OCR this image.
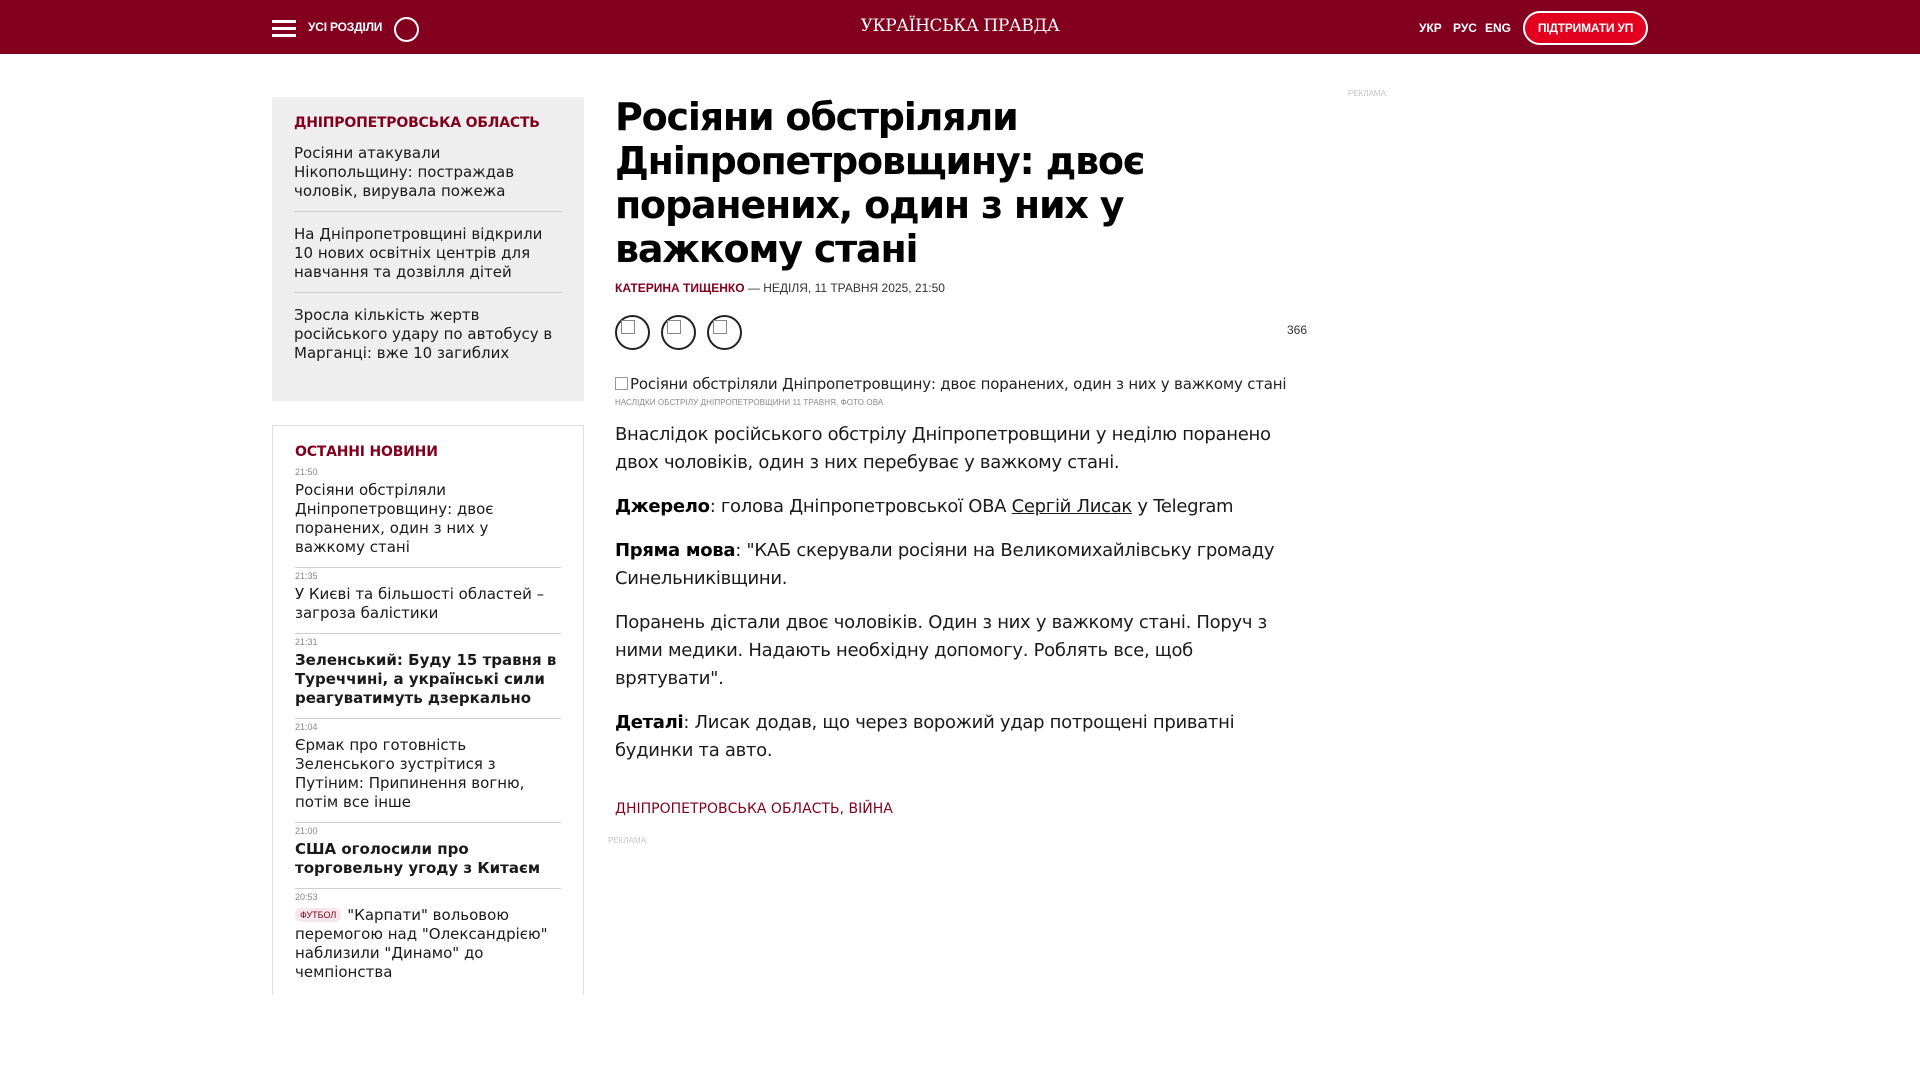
УСІ РОЗДІЛИ	УКРАЇНСЬКА ПРАВДА	УКР РУС ENG	ПІДТРИМАТИ УП
ДНІПРОПЕТРОВСЬКА ОБЛАСТЬ
Росіяни атакували Нікопольщину: постраждав чоловік, вирувала пожежа
На Дніпропетровщині відкрили 10 нових освітніх центрів для навчання та дозвілля дітей
Зросла кількість жертв російського удару по автобусу в Марганці: вже 10 загиблих
ОСТАННІ НОВИНИ
21:50
Росіяни обстріляли Дніпропетровщину: двоє поранених, один з них у важкому стані
21:35
У Києві та більшості областей – загроза балістики
21:31
Зеленський: Буду 15 травня в Туреччині, а українські сили реагуватимуть дзеркально
21:04
Єрмак про готовність Зеленського зустрітися з Путіним: Припинення вогню, потім все інше
21:00
США оголосили про торговельну угоду з Китаєм
20:53
ФУТБОЛ "Карпати" вольовою перемогою над "Олександрією" наблизили "Динамо" до чемпіонства
Росіяни обстріляли Дніпропетровщину: двоє поранених, один з них у важкому стані
КАТЕРИНА ТИЩЕНКО — НЕДІЛЯ, 11 ТРАВНЯ 2025, 21:50
366
Росіяни обстріляли Дніпропетровщину: двоє поранених, один з них у важкому стані
НАСЛІДКИ ОБСТРІЛУ ДНІПРОПЕТРОВЩИНИ 11 ТРАВНЯ, ФОТО ОВА

Внаслідок російського обстрілу Дніпропетровщини у неділю поранено двох чоловіків, один з них перебуває у важкому стані.

Джерело: голова Дніпропетровської ОВА Сергій Лисак у Telegram

Пряма мова: "КАБ скерували росіяни на Великомихайлівську громаду Синельниківщини.

Поранень дістали двоє чоловіків. Один з них у важкому стані. Поруч з ними медики. Надають необхідну допомогу. Роблять все, щоб врятувати".

Деталі: Лисак додав, що через ворожий удар потрощені приватні будинки та авто.

ДНІПРОПЕТРОВСЬКА ОБЛАСТЬ, ВІЙНА
РЕКЛАМА:
РЕКЛАМА:
